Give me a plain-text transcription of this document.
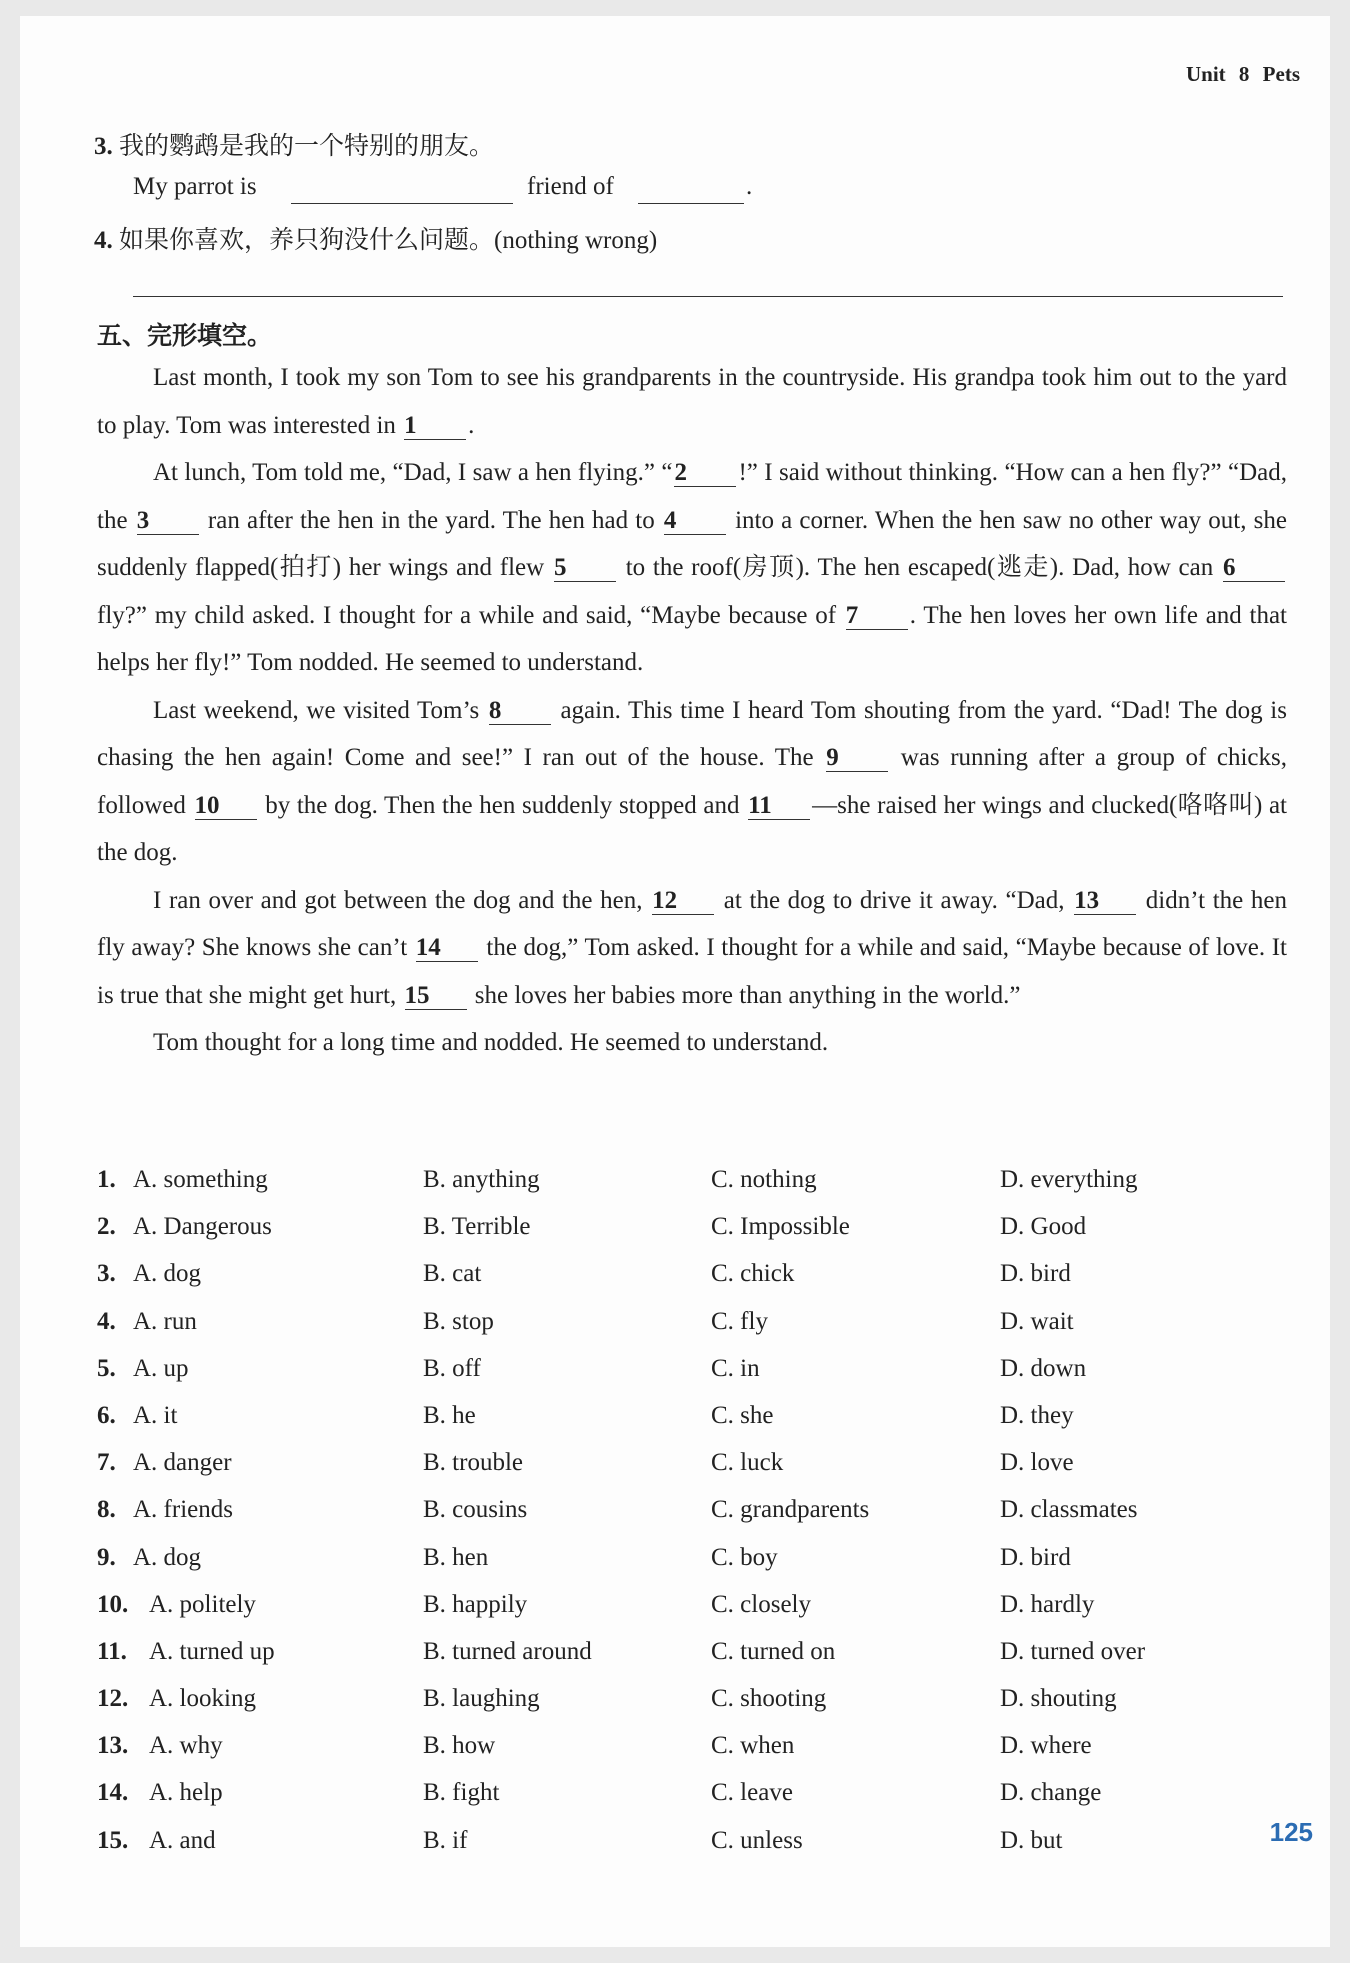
Unit 8 Pets
3. 我的鹦鹉是我的一个特别的朋友。
My parrot is	friend of	.
4. 如果你喜欢，养只狗没什么问题。(nothing wrong)
五、完形填空。

Last month, I took my son Tom to see his grandparents in the countryside. His grandpa took him out to the yard to play. Tom was interested in 1 .

At lunch, Tom told me, “Dad, I saw a hen flying.” “2 !” I said without thinking. “How can a hen fly?” “Dad, the 3 ran after the hen in the yard. The hen had to 4 into a corner. When the hen saw no other way out, she suddenly flapped(拍打) her wings and flew 5 to the roof(房顶). The hen escaped(逃走). Dad, how can 6 fly?” my child asked. I thought for a while and said, “Maybe because of 7 . The hen loves her own life and that helps her fly!” Tom nodded. He seemed to understand.

Last weekend, we visited Tom’s 8 again. This time I heard Tom shouting from the yard. “Dad! The dog is chasing the hen again! Come and see!” I ran out of the house. The 9 was running after a group of chicks, followed 10 by the dog. Then the hen suddenly stopped and 11 —she raised her wings and clucked(咯咯叫) at the dog.

I ran over and got between the dog and the hen, 12 at the dog to drive it away. “Dad, 13 didn’t the hen fly away? She knows she can’t 14 the dog,” Tom asked. I thought for a while and said, “Maybe because of love. It is true that she might get hurt, 15 she loves her babies more than anything in the world.”

Tom thought for a long time and nodded. He seemed to understand.

1. A. something	B. anything	C. nothing	D. everything
2. A. Dangerous	B. Terrible	C. Impossible	D. Good
3. A. dog	B. cat	C. chick	D. bird
4. A. run	B. stop	C. fly	D. wait
5. A. up	B. off	C. in	D. down
6. A. it	B. he	C. she	D. they
7. A. danger	B. trouble	C. luck	D. love
8. A. friends	B. cousins	C. grandparents	D. classmates
9. A. dog	B. hen	C. boy	D. bird
10. A. politely	B. happily	C. closely	D. hardly
11. A. turned up	B. turned around	C. turned on	D. turned over
12. A. looking	B. laughing	C. shooting	D. shouting
13. A. why	B. how	C. when	D. where
14. A. help	B. fight	C. leave	D. change
15. A. and	B. if	C. unless	D. but	125
